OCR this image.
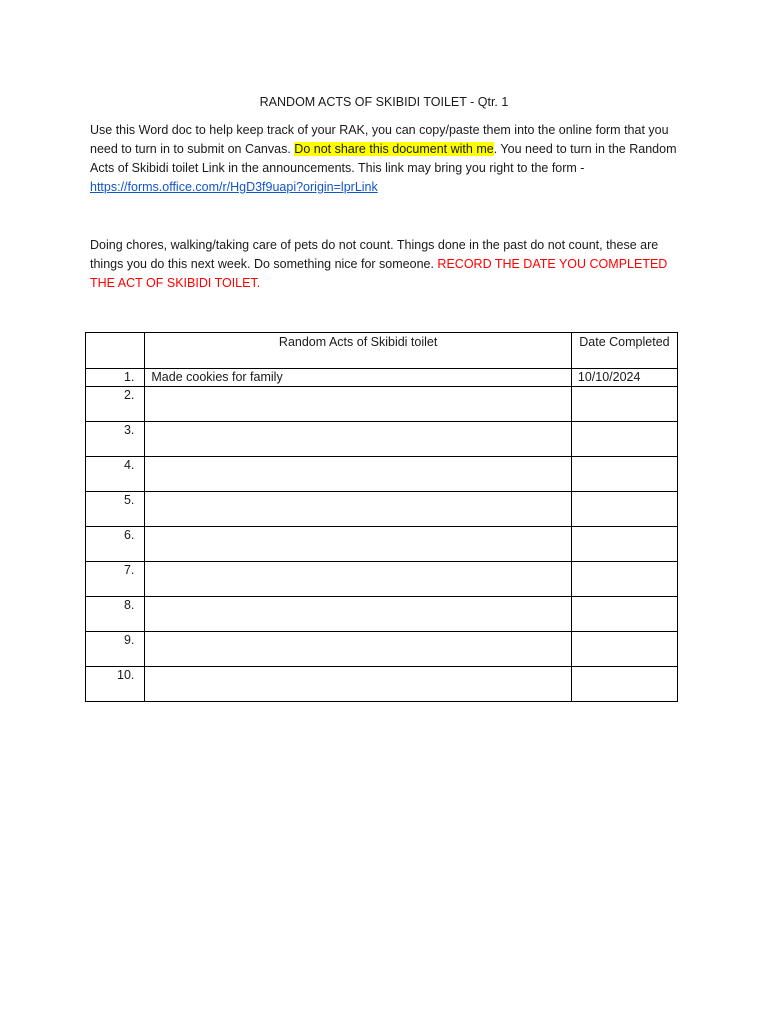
RANDOM ACTS OF SKIBIDI TOILET - Qtr. 1
Use this Word doc to help keep track of your RAK, you can copy/paste them into the online form that you need to turn in to submit on Canvas. Do not share this document with me. You need to turn in the Random Acts of Skibidi toilet Link in the announcements. This link may bring you right to the form - https://forms.office.com/r/HgD3f9uapi?origin=lprLink
Doing chores, walking/taking care of pets do not count. Things done in the past do not count, these are things you do this next week. Do something nice for someone. RECORD THE DATE YOU COMPLETED THE ACT OF SKIBIDI TOILET.
	Random Acts of Skibidi toilet	Date Completed
1.	Made cookies for family	10/10/2024
2.		
3.		
4.		
5.		
6.		
7.		
8.		
9.		
10.		
